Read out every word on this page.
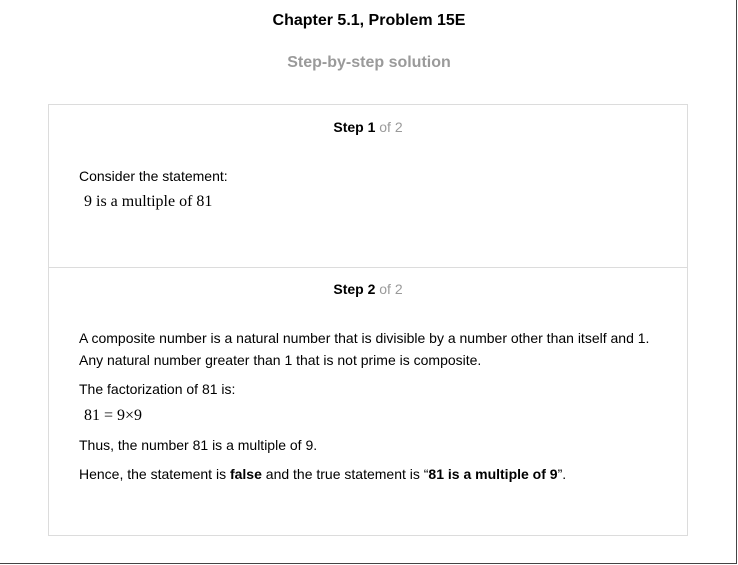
Chapter 5.1, Problem 15E
Step-by-step solution
Step 1 of 2
Consider the statement:
9 is a multiple of 81
Step 2 of 2
A composite number is a natural number that is divisible by a number other than itself and 1. Any natural number greater than 1 that is not prime is composite.
The factorization of 81 is:
81 = 9×9
Thus, the number 81 is a multiple of 9.
Hence, the statement is false and the true statement is “81 is a multiple of 9”.
